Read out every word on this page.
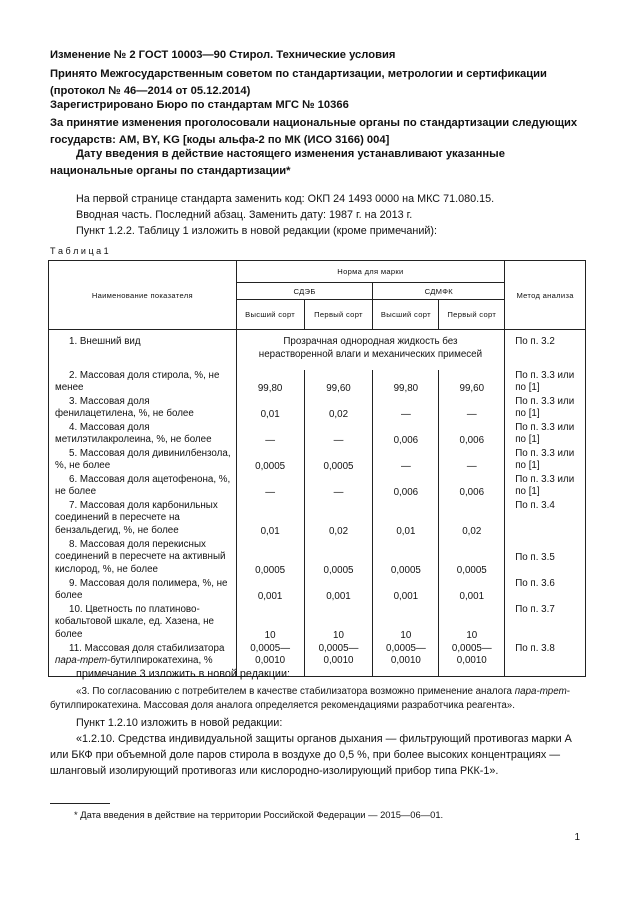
Изменение № 2 ГОСТ 10003—90 Стирол. Технические условия
Принято Межгосударственным советом по стандартизации, метрологии и сертификации (протокол № 46—2014 от 05.12.2014)
Зарегистрировано Бюро по стандартам МГС № 10366
За принятие изменения проголосовали национальные органы по стандартизации следующих государств: AM, BY, KG [коды альфа-2 по МК (ИСО 3166) 004]
Дату введения в действие настоящего изменения устанавливают указанные национальные органы по стандартизации*
На первой странице стандарта заменить код: ОКП 24 1493 0000 на МКС 71.080.15.
Вводная часть. Последний абзац. Заменить дату: 1987 г. на 2013 г.
Пункт 1.2.2. Таблицу 1 изложить в новой редакции (кроме примечаний):
Т а б л и ц а 1
Наименование показателя	Норма для марки				Метод анализа
	СДЭБ		СДМФК		
	Высший сорт	Первый сорт	Высший сорт	Первый сорт	
1. Внешний вид	Прозрачная однородная жидкость без нерастворенной влаги и механических примесей				По п. 3.2
2. Массовая доля стирола, %, не менее	99,80	99,60	99,80	99,60	По п. 3.3 или по [1]
3. Массовая доля фенилацетилена, %, не более	0,01	0,02	—	—	По п. 3.3 или по [1]
4. Массовая доля метилэтилакролеина, %, не более	—	—	0,006	0,006	По п. 3.3 или по [1]
5. Массовая доля дивинилбензола, %, не более	0,0005	0,0005	—	—	По п. 3.3 или по [1]
6. Массовая доля ацетофенона, %, не более	—	—	0,006	0,006	По п. 3.3 или по [1]
7. Массовая доля карбонильных соединений в пересчете на бензальдегид, %, не более	0,01	0,02	0,01	0,02	По п. 3.4
8. Массовая доля перекисных соединений в пересчете на активный кислород, %, не более	0,0005	0,0005	0,0005	0,0005	По п. 3.5
9. Массовая доля полимера, %, не более	0,001	0,001	0,001	0,001	По п. 3.6
10. Цветность по платиново-кобальтовой шкале, ед. Хазена, не более	10	10	10	10	По п. 3.7
11. Массовая доля стабилизатора пара-трет-бутилпирокатехина, %	0,0005—0,0010	0,0005—0,0010	0,0005—0,0010	0,0005—0,0010	По п. 3.8
примечание 3 изложить в новой редакции:
«3. По согласованию с потребителем в качестве стабилизатора возможно применение аналога пара-трет-бутилпирокатехина. Массовая доля аналога определяется рекомендациями разработчика реагента».
Пункт 1.2.10 изложить в новой редакции:
«1.2.10. Средства индивидуальной защиты органов дыхания — фильтрующий противогаз марки А или БКФ при объемной доле паров стирола в воздухе до 0,5 %, при более высоких концентрациях — шланговый изолирующий противогаз или кислородно-изолирующий прибор типа РКК-1».
* Дата введения в действие на территории Российской Федерации — 2015—06—01.
1
